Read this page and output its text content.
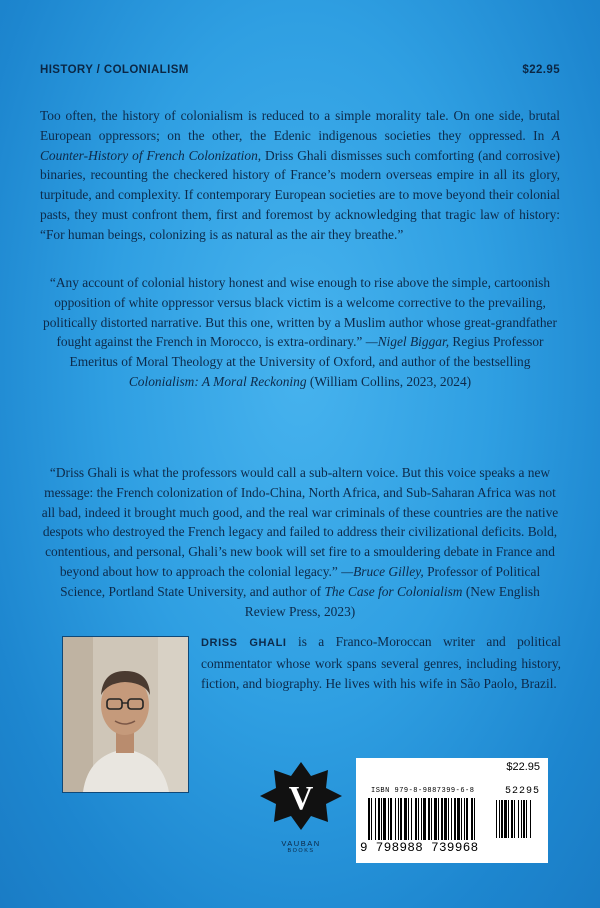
HISTORY / COLONIALISM	$22.95

Too often, the history of colonialism is reduced to a simple morality tale. On one side, brutal European oppressors; on the other, the Edenic indigenous societies they oppressed. In A Counter-History of French Colonization, Driss Ghali dismisses such comforting (and corrosive) binaries, recounting the checkered history of France’s modern overseas empire in all its glory, turpitude, and complexity. If contemporary European societies are to move beyond their colonial pasts, they must confront them, first and foremost by acknowledging that tragic law of history: “For human beings, colonizing is as natural as the air they breathe.”

“Any account of colonial history honest and wise enough to rise above the simple, cartoonish opposition of white oppressor versus black victim is a welcome corrective to the prevailing, politically distorted narrative. But this one, written by a Muslim author whose great-grandfather fought against the French in Morocco, is extra-ordinary.” —Nigel Biggar, Regius Professor Emeritus of Moral Theology at the University of Oxford, and author of the bestselling Colonialism: A Moral Reckoning (William Collins, 2023, 2024)

“Driss Ghali is what the professors would call a sub-altern voice. But this voice speaks a new message: the French colonization of Indo-China, North Africa, and Sub-Saharan Africa was not all bad, indeed it brought much good, and the real war criminals of these countries are the native despots who destroyed the French legacy and failed to address their civilizational deficits. Bold, contentious, and personal, Ghali’s new book will set fire to a smouldering debate in France and beyond about how to approach the colonial legacy.” —Bruce Gilley, Professor of Political Science, Portland State University, and author of The Case for Colonialism (New English Review Press, 2023)

DRISS GHALI is a Franco-Moroccan writer and political commentator whose work spans several genres, including history, fiction, and biography. He lives with his wife in São Paolo, Brazil.

V
VAUBAN
BOOKS
$22.95
ISBN 979-8-9887399-6-8	52295
9 798988 739968
